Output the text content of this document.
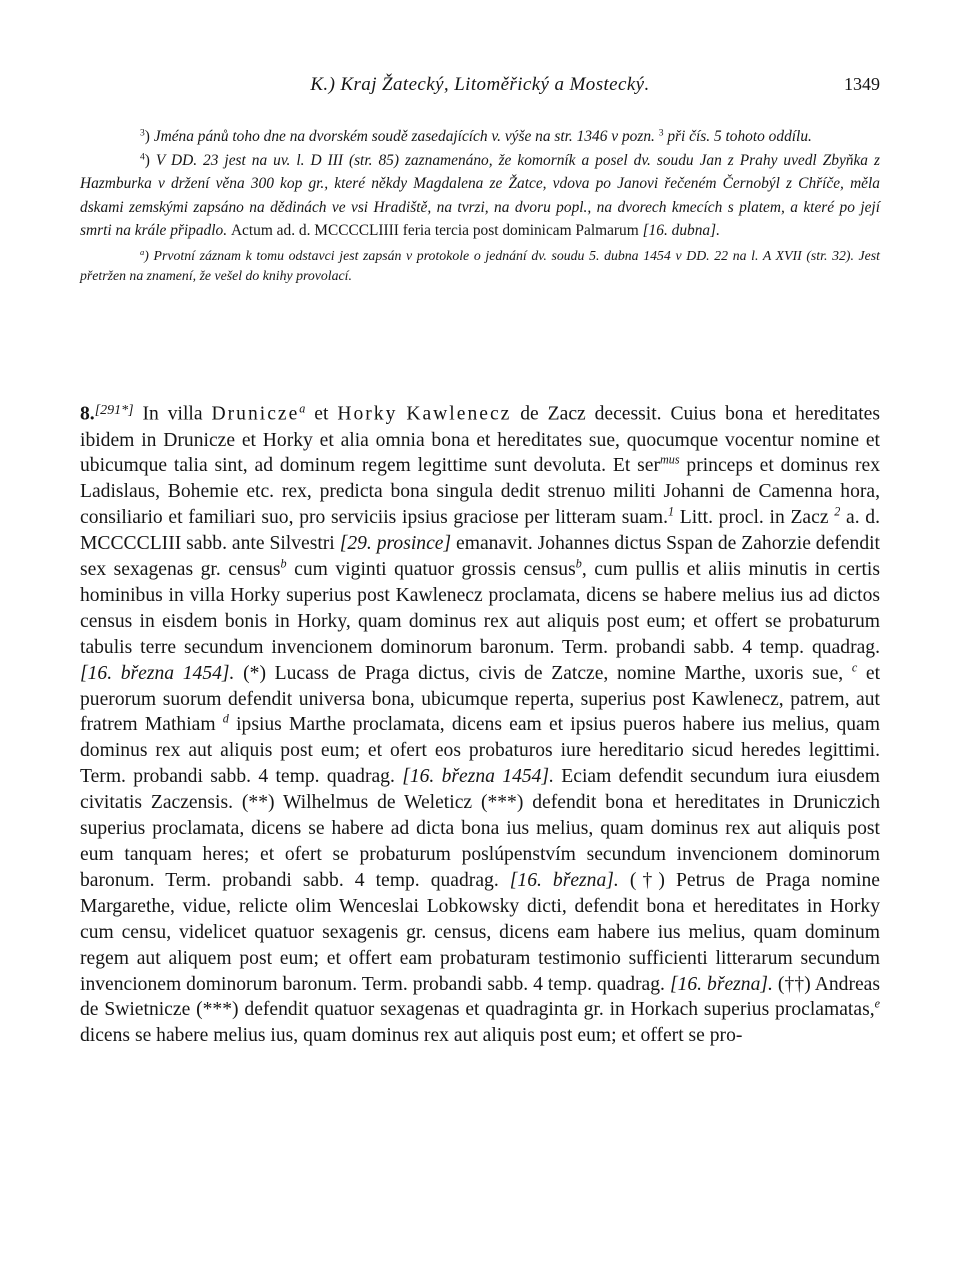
K.) Kraj Žatecký, Litoměřický a Mostecký.	1349

$^3$) Jména pánů toho dne na dvorském soudě zasedajících v. výše na str. 1346 v pozn. $^3$ při čís. 5 tohoto oddílu.

$^4$) V DD. 23 jest na uv. l. D III (str. 85) zaznamenáno, že komorník a posel dv. soudu Jan z Prahy uvedl Zbyňka z Hazmburka v držení věna 300 kop gr., které někdy Magdalena ze Žatce, vdova po Janovi řečeném Černobýl z Chříče, měla dskami zemskými zapsáno na dědinách ve vsi Hradiště, na tvrzi, na dvoru popl., na dvorech kmecích s platem, a které po její smrti na krále připadlo. Actum ad. d. MCCCCLIIII feria tercia post dominicam Palmarum [16. dubna].

$^a$) Prvotní záznam k tomu odstavci jest zapsán v protokole o jednání dv. soudu 5. dubna 1454 v DD. 22 na l. A XVII (str. 32). Jest přetržen na znamení, že vešel do knihy provolací.

8.[291*] In villa Drunicze$^a$ et Horky Kawlenecz de Zacz decessit. Cuius bona et hereditates ibidem in Drunicze et Horky et alia omnia bona et hereditates sue, quocumque vocentur nomine et ubicumque talia sint, ad dominum regem legittime sunt devoluta. Et ser$^{mus}$ princeps et dominus rex Ladislaus, Bohemie etc. rex, predicta bona singula dedit strenuo militi Johanni de Camenna hora, consiliario et familiari suo, pro serviciis ipsius graciose per litteram suam.$^1$ Litt. procl. in Zacz $^2$ a. d. MCCCCLIII sabb. ante Silvestri [29. prosince] emanavit. Johannes dictus Sspan de Zahorzie defendit sex sexagenas gr. census$^b$ cum viginti quatuor grossis census$^b$, cum pullis et aliis minutis in certis hominibus in villa Horky superius post Kawlenecz proclamata, dicens se habere melius ius ad dictos census in eisdem bonis in Horky, quam dominus rex aut aliquis post eum; et offert se probaturum tabulis terre secundum invencionem dominorum baronum. Term. probandi sabb. 4 temp. quadrag. [16. března 1454]. (*) Lucass de Praga dictus, civis de Zatcze, nomine Marthe, uxoris sue, $^c$ et puerorum suorum defendit universa bona, ubicumque reperta, superius post Kawlenecz, patrem, aut fratrem Mathiam $^d$ ipsius Marthe proclamata, dicens eam et ipsius pueros habere ius melius, quam dominus rex aut aliquis post eum; et ofert eos probaturos iure hereditario sicud heredes legittimi. Term. probandi sabb. 4 temp. quadrag. [16. března 1454]. Eciam defendit secundum iura eiusdem civitatis Zaczensis. (**) Wilhelmus de Weleticz (***) defendit bona et hereditates in Druniczich superius proclamata, dicens se habere ad dicta bona ius melius, quam dominus rex aut aliquis post eum tanquam heres; et ofert se probaturum poslúpenstvím secundum invencionem dominorum baronum. Term. probandi sabb. 4 temp. quadrag. [16. března]. (†) Petrus de Praga nomine Margarethe, vidue, relicte olim Wenceslai Lobkowsky dicti, defendit bona et hereditates in Horky cum censu, videlicet quatuor sexagenis gr. census, dicens eam habere ius melius, quam dominum regem aut aliquem post eum; et offert eam probaturam testimonio sufficienti litterarum secundum invencionem dominorum baronum. Term. probandi sabb. 4 temp. quadrag. [16. března]. (††) Andreas de Swietnicze (***) defendit quatuor sexagenas et quadraginta gr. in Horkach superius proclamatas,$^e$ dicens se habere melius ius, quam dominus rex aut aliquis post eum; et offert se pro-
